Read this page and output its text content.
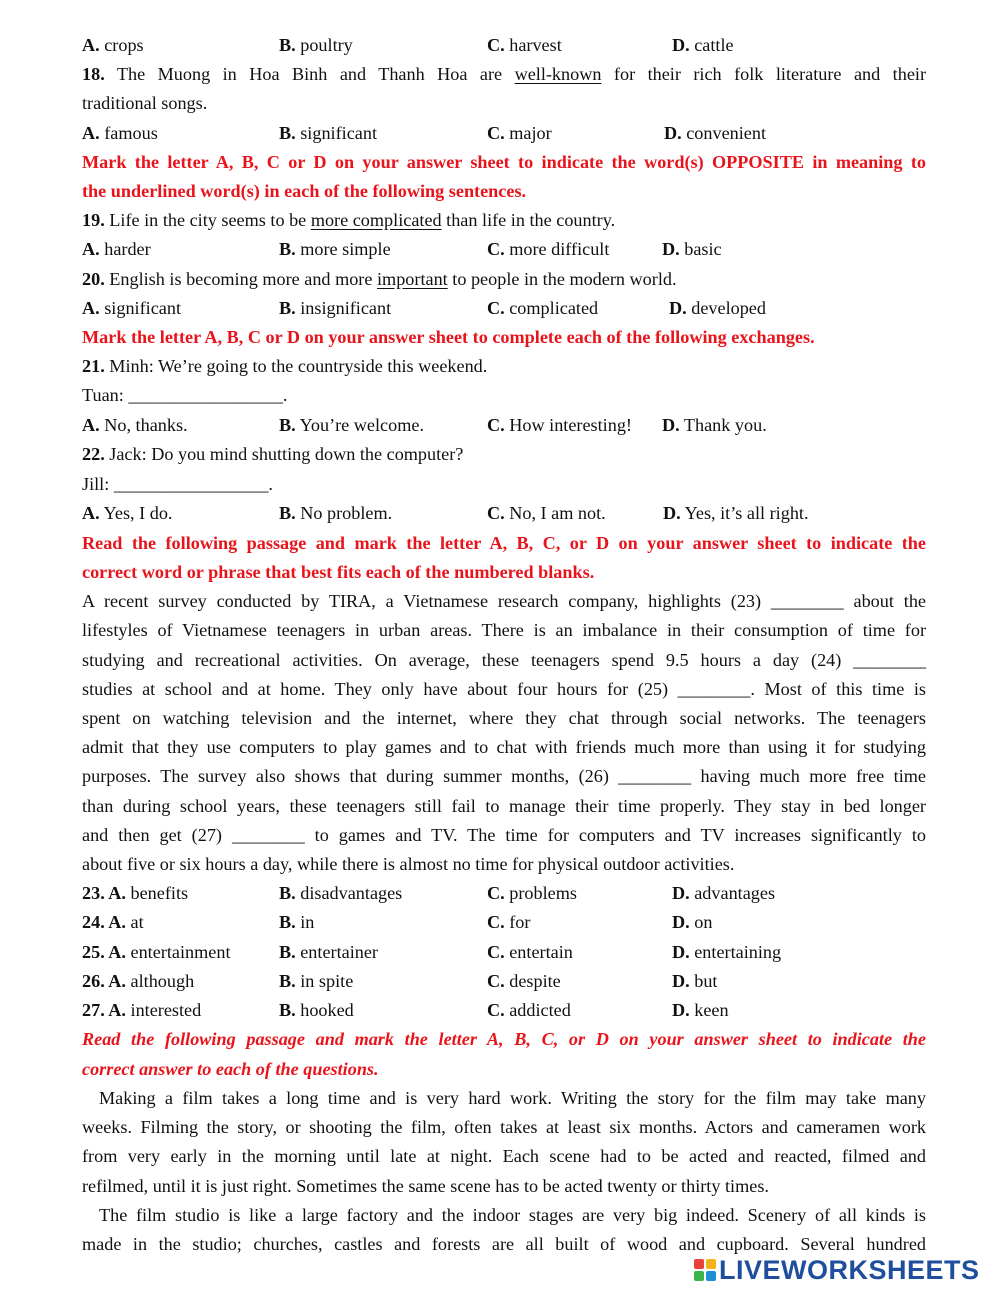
A. crops	B. poultry	C. harvest	D. cattle
18. The Muong in Hoa Binh and Thanh Hoa are well-known for their rich folk literature and their
traditional songs.
A. famous	B. significant	C. major	D. convenient
Mark the letter A, B, C or D on your answer sheet to indicate the word(s) OPPOSITE in meaning to
the underlined word(s) in each of the following sentences.
19. Life in the city seems to be more complicated than life in the country.
A. harder	B. more simple	C. more difficult	D. basic
20. English is becoming more and more important to people in the modern world.
A. significant	B. insignificant	C. complicated	D. developed
Mark the letter A, B, C or D on your answer sheet to complete each of the following exchanges.
21. Minh: We’re going to the countryside this weekend.
Tuan: _________________.
A. No, thanks.	B. You’re welcome.	C. How interesting! D. Thank you.
22. Jack: Do you mind shutting down the computer?
Jill: _________________.
A. Yes, I do.	B. No problem.	C. No, I am not.	D. Yes, it’s all right.
Read the following passage and mark the letter A, B, C, or D on your answer sheet to indicate the
correct word or phrase that best fits each of the numbered blanks.
A recent survey conducted by TIRA, a Vietnamese research company, highlights (23) ________ about the
lifestyles of Vietnamese teenagers in urban areas. There is an imbalance in their consumption of time for
studying and recreational activities. On average, these teenagers spend 9.5 hours a day (24) ________
studies at school and at home. They only have about four hours for (25) ________. Most of this time is
spent on watching television and the internet, where they chat through social networks. The teenagers
admit that they use computers to play games and to chat with friends much more than using it for studying
purposes. The survey also shows that during summer months, (26) ________ having much more free time
than during school years, these teenagers still fail to manage their time properly. They stay in bed longer
and then get (27) ________ to games and TV. The time for computers and TV increases significantly to
about five or six hours a day, while there is almost no time for physical outdoor activities.
23. A. benefits	B. disadvantages	C. problems	D. advantages
24. A. at	B. in	C. for	D. on
25. A. entertainment	B. entertainer	C. entertain	D. entertaining
26. A. although	B. in spite	C. despite	D. but
27. A. interested	B. hooked	C. addicted	D. keen
Read the following passage and mark the letter A, B, C, or D on your answer sheet to indicate the
correct answer to each of the questions.
Making a film takes a long time and is very hard work. Writing the story for the film may take many
weeks. Filming the story, or shooting the film, often takes at least six months. Actors and cameramen work
from very early in the morning until late at night. Each scene had to be acted and reacted, filmed and
refilmed, until it is just right. Sometimes the same scene has to be acted twenty or thirty times.
The film studio is like a large factory and the indoor stages are very big indeed. Scenery of all kinds is
made in the studio; churches, castles and forests are all built of wood and cupboard. Several hundred
LIVEWORKSHEETS
